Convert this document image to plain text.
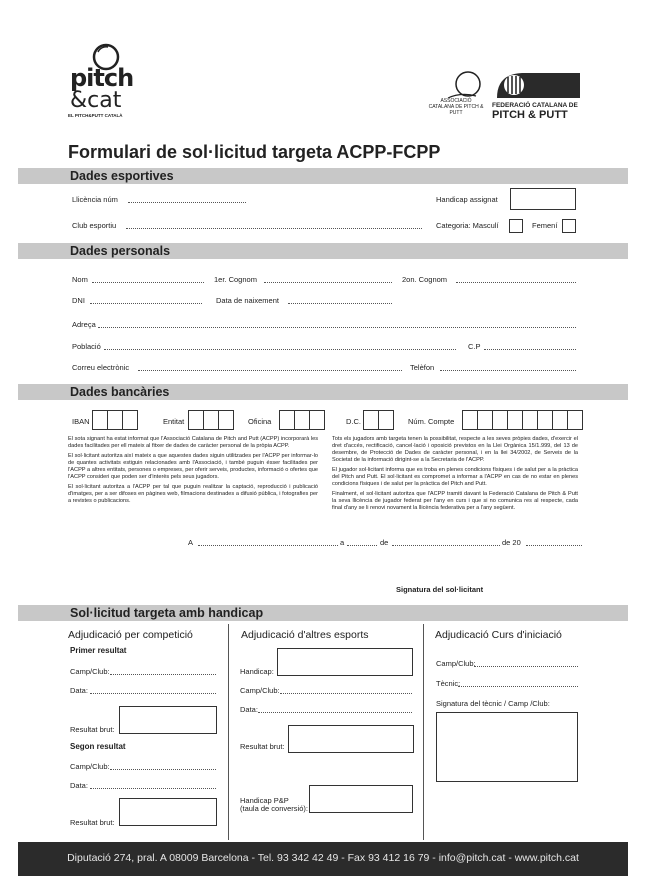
pitch
&cat
EL PITCH&PUTT CATALÀ
ASSOCIACIÓ CATALANA DE PITCH & PUTT
FEDERACIÓ CATALANA DE
PITCH & PUTT
Formulari de sol·licitud targeta ACPP-FCPP
Dades esportives
Llicència núm	Handicap assignat
Club esportiu	Categoria: Masculí	Femení
Dades personals
Nom	1er. Cognom	2on. Cognom
DNI	Data de naixement
Adreça
Població	C.P
Correu electrònic	Telèfon
Dades bancàries
IBAN	Entitat	Oficina	D.C.	Núm. Compte

El sota signant ha estat informat que l'Associació Catalana de Pitch and Putt (ACPP) incorporarà les dades facilitades per ell mateix al fitxer de dades de caràcter personal de la pròpia ACPP.

El sol·licitant autoritza així mateix a que aquestes dades siguin utilitzades per l'ACPP per informar-lo de quantes activitats estiguin relacionades amb l'Associació, i també puguin ésser facilitades per l'ACPP a altres entitats, persones o empreses, per oferir serveis, productes, informació o ofertes que l'ACPP consideri que poden ser d'interès pels seus jugadors.

El sol·licitant autoritza a l'ACPP per tal que puguin realitzar la captació, reproducció i publicació d'imatges, per a ser difoses en pàgines web, filmacions destinades a difusió pública, i fotografies per a revistes o publicacions.

Tots els jugadors amb targeta tenen la possibilitat, respecte a les seves pròpies dades, d'exercir el dret d'accés, rectificació, cancel·lació i oposició previstos en la Llei Orgànica 15/1.999, del 13 de desembre, de Protecció de Dades de caràcter personal, i en la llei 34/2002, de Serveis de la Societat de la informació dirigint-se a la Secretaria de l'ACPP.

El jugador sol·licitant informa que es troba en plenes condicions físiques i de salut per a la pràctica del Pitch and Putt. El sol·licitant es compromet a informar a l'ACPP en cas de no estar en plenes condicions físiques i de salut per la pràctica del Pitch and Putt.

Finalment, el sol·licitant autoritza que l'ACPP tramiti davant la Federació Catalana de Pitch & Putt la seva llicència de jugador federat per l'any en curs i que si no comunica res al respecte, cada final d'any se li renovi novament la llicència federativa per a l'any següent.

A	a	de	de 20
Signatura del sol·licitant
Sol·licitud targeta amb handicap
Adjudicació per competició
Primer resultat
Camp/Club:
Data:
Resultat brut:
Segon resultat
Camp/Club:
Data:
Resultat brut:
Adjudicació d'altres esports
Handicap:
Camp/Club:
Data:
Resultat brut:
Handicap P&P
(taula de conversió):
Adjudicació Curs d'iniciació
Camp/Club:
Tècnic:
Signatura del tècnic / Camp /Club:
Diputació 274, pral. A 08009 Barcelona - Tel. 93 342 42 49 - Fax 93 412 16 79 - info@pitch.cat - www.pitch.cat
